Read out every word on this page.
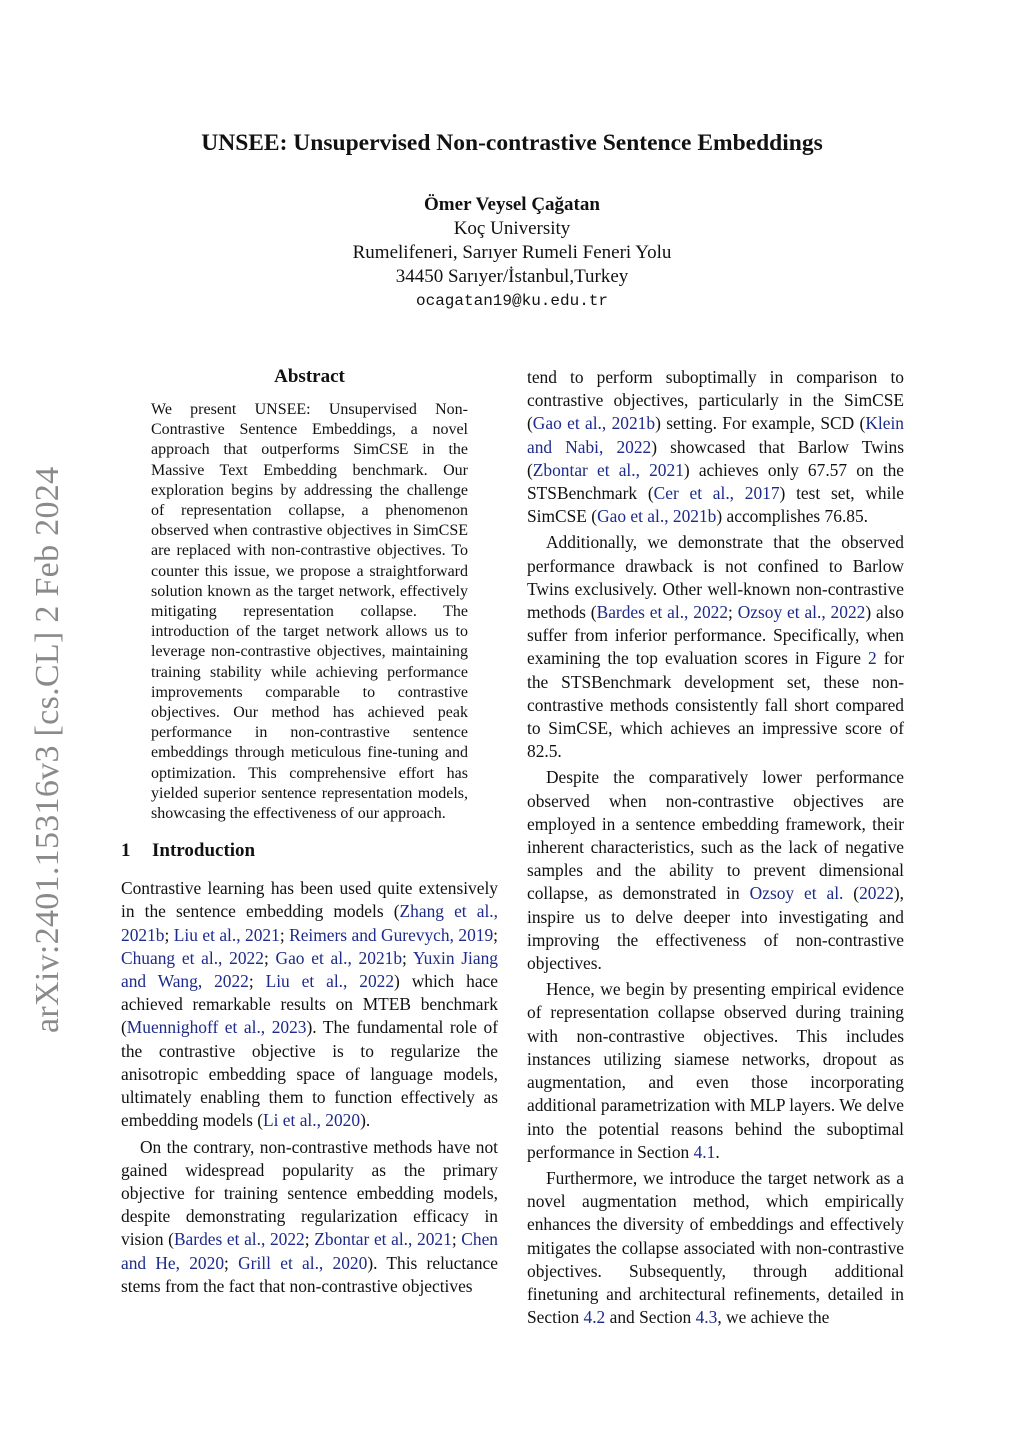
arXiv:2401.15316v3 [cs.CL] 2 Feb 2024
UNSEE: Unsupervised Non-contrastive Sentence Embeddings
Ömer Veysel Çağatan
Koç University
Rumelifeneri, Sarıyer Rumeli Feneri Yolu
34450 Sarıyer/İstanbul,Turkey
ocagatan19@ku.edu.tr
Abstract
We present UNSEE: Unsupervised Non-Contrastive Sentence Embeddings, a novel approach that outperforms SimCSE in the Massive Text Embedding benchmark. Our exploration begins by addressing the challenge of representation collapse, a phenomenon observed when contrastive objectives in SimCSE are replaced with non-contrastive objectives. To counter this issue, we propose a straightforward solution known as the target network, effectively mitigating representation collapse. The introduction of the target network allows us to leverage non-contrastive objectives, maintaining training stability while achieving performance improvements comparable to contrastive objectives. Our method has achieved peak performance in non-contrastive sentence embeddings through meticulous fine-tuning and optimization. This comprehensive effort has yielded superior sentence representation models, showcasing the effectiveness of our approach.
1 Introduction

Contrastive learning has been used quite extensively in the sentence embedding models (Zhang et al., 2021b; Liu et al., 2021; Reimers and Gurevych, 2019; Chuang et al., 2022; Gao et al., 2021b; Yuxin Jiang and Wang, 2022; Liu et al., 2022) which hace achieved remarkable results on MTEB benchmark (Muennighoff et al., 2023). The fundamental role of the contrastive objective is to regularize the anisotropic embedding space of language models, ultimately enabling them to function effectively as embedding models (Li et al., 2020).

On the contrary, non-contrastive methods have not gained widespread popularity as the primary objective for training sentence embedding models, despite demonstrating regularization efficacy in vision (Bardes et al., 2022; Zbontar et al., 2021; Chen and He, 2020; Grill et al., 2020). This reluctance stems from the fact that non-contrastive objectives

tend to perform suboptimally in comparison to contrastive objectives, particularly in the SimCSE (Gao et al., 2021b) setting. For example, SCD (Klein and Nabi, 2022) showcased that Barlow Twins (Zbontar et al., 2021) achieves only 67.57 on the STSBenchmark (Cer et al., 2017) test set, while SimCSE (Gao et al., 2021b) accomplishes 76.85.

Additionally, we demonstrate that the observed performance drawback is not confined to Barlow Twins exclusively. Other well-known non-contrastive methods (Bardes et al., 2022; Ozsoy et al., 2022) also suffer from inferior performance. Specifically, when examining the top evaluation scores in Figure 2 for the STSBenchmark development set, these non-contrastive methods consistently fall short compared to SimCSE, which achieves an impressive score of 82.5.

Despite the comparatively lower performance observed when non-contrastive objectives are employed in a sentence embedding framework, their inherent characteristics, such as the lack of negative samples and the ability to prevent dimensional collapse, as demonstrated in Ozsoy et al. (2022), inspire us to delve deeper into investigating and improving the effectiveness of non-contrastive objectives.

Hence, we begin by presenting empirical evidence of representation collapse observed during training with non-contrastive objectives. This includes instances utilizing siamese networks, dropout as augmentation, and even those incorporating additional parametrization with MLP layers. We delve into the potential reasons behind the suboptimal performance in Section 4.1.

Furthermore, we introduce the target network as a novel augmentation method, which empirically enhances the diversity of embeddings and effectively mitigates the collapse associated with non-contrastive objectives. Subsequently, through additional finetuning and architectural refinements, detailed in Section 4.2 and Section 4.3, we achieve the
